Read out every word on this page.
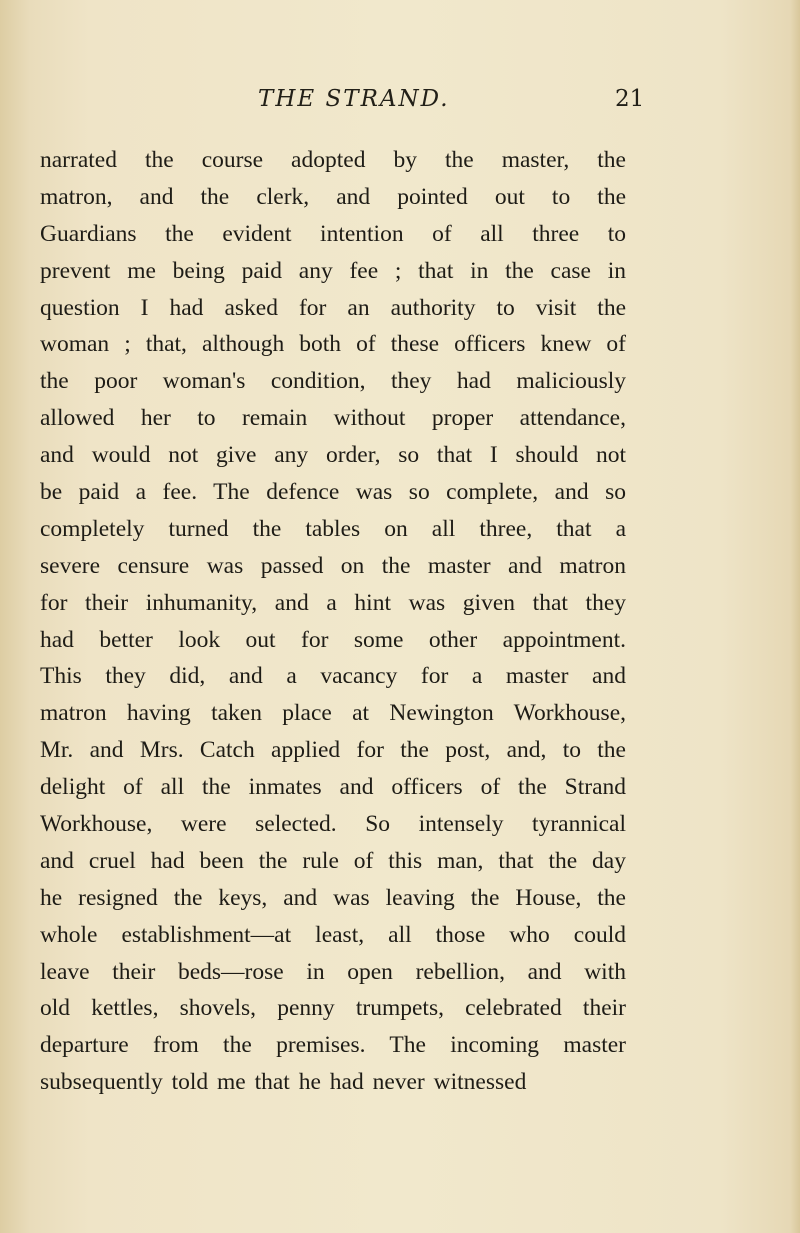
THE STRAND.	21
narrated the course adopted by the master, the
matron, and the clerk, and pointed out to the
Guardians the evident intention of all three to
prevent me being paid any fee ; that in the case in
question I had asked for an authority to visit the
woman ; that, although both of these officers knew of
the poor woman's condition, they had maliciously
allowed her to remain without proper attendance,
and would not give any order, so that I should not
be paid a fee. The defence was so complete, and so
completely turned the tables on all three, that a
severe censure was passed on the master and matron
for their inhumanity, and a hint was given that they
had better look out for some other appointment.
This they did, and a vacancy for a master and
matron having taken place at Newington Workhouse,
Mr. and Mrs. Catch applied for the post, and, to the
delight of all the inmates and officers of the Strand
Workhouse, were selected. So intensely tyrannical
and cruel had been the rule of this man, that the day
he resigned the keys, and was leaving the House, the
whole establishment—at least, all those who could
leave their beds—rose in open rebellion, and with
old kettles, shovels, penny trumpets, celebrated their
departure from the premises. The incoming master
subsequently told me that he had never witnessed
